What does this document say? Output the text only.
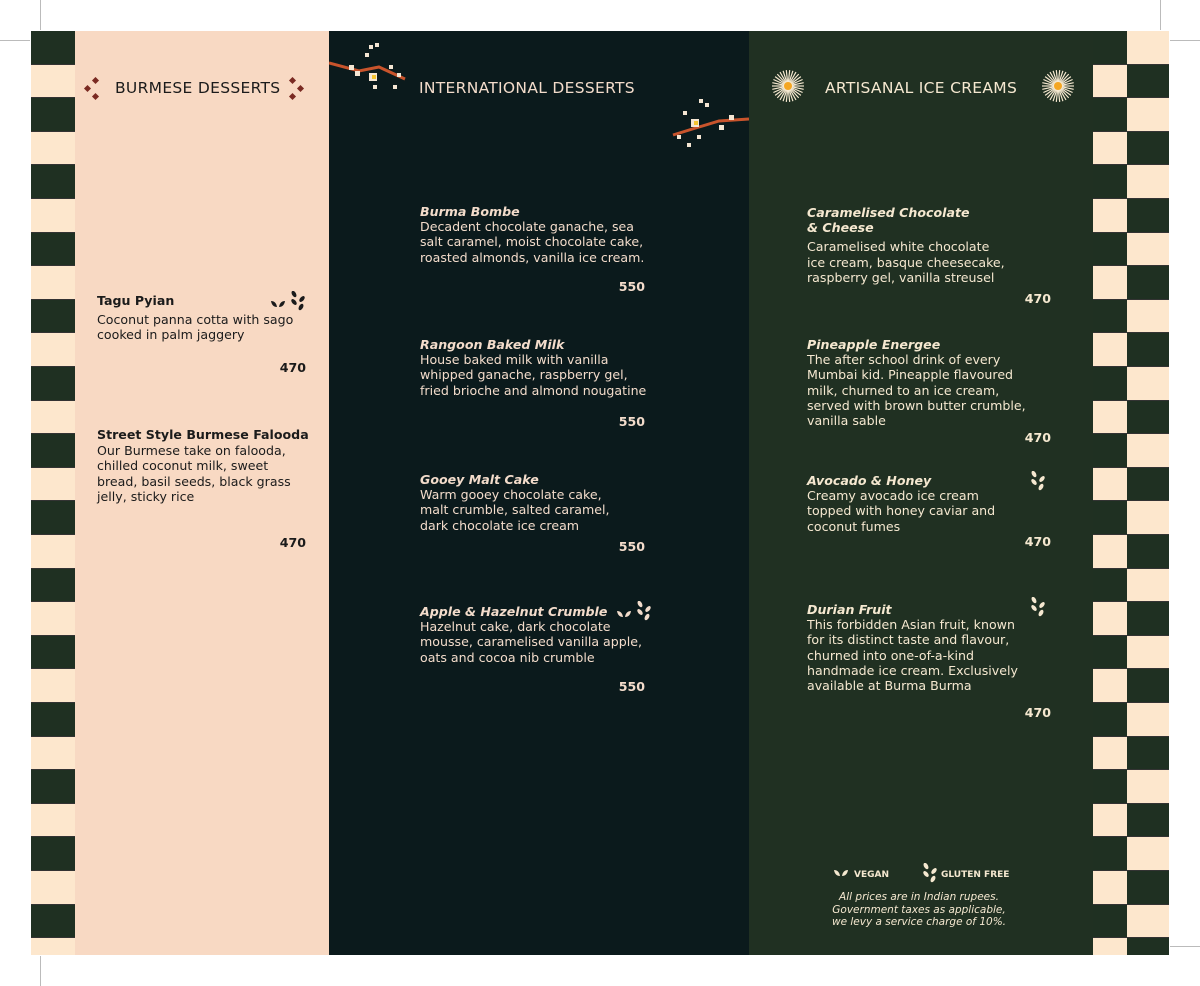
BURMESE DESSERTS
Tagu Pyian
Coconut panna cotta with sago
cooked in palm jaggery
470
Street Style Burmese Falooda
Our Burmese take on falooda,
chilled coconut milk, sweet
bread, basil seeds, black grass
jelly, sticky rice
470
INTERNATIONAL DESSERTS
Burma Bombe
Decadent chocolate ganache, sea
salt caramel, moist chocolate cake,
roasted almonds, vanilla ice cream.
550
Rangoon Baked Milk
House baked milk with vanilla
whipped ganache, raspberry gel,
fried brioche and almond nougatine
550
Gooey Malt Cake
Warm gooey chocolate cake,
malt crumble, salted caramel,
dark chocolate ice cream
550
Apple & Hazelnut Crumble
Hazelnut cake, dark chocolate
mousse, caramelised vanilla apple,
oats and cocoa nib crumble
550
ARTISANAL ICE CREAMS
Caramelised Chocolate
& Cheese
Caramelised white chocolate
ice cream, basque cheesecake,
raspberry gel, vanilla streusel
470
Pineapple Energee
The after school drink of every
Mumbai kid. Pineapple flavoured
milk, churned to an ice cream,
served with brown butter crumble,
vanilla sable
470
Avocado & Honey
Creamy avocado ice cream
topped with honey caviar and
coconut fumes
470
Durian Fruit
This forbidden Asian fruit, known
for its distinct taste and flavour,
churned into one-of-a-kind
handmade ice cream. Exclusively
available at Burma Burma
470
VEGAN	GLUTEN FREE
All prices are in Indian rupees.
Government taxes as applicable,
we levy a service charge of 10%.
